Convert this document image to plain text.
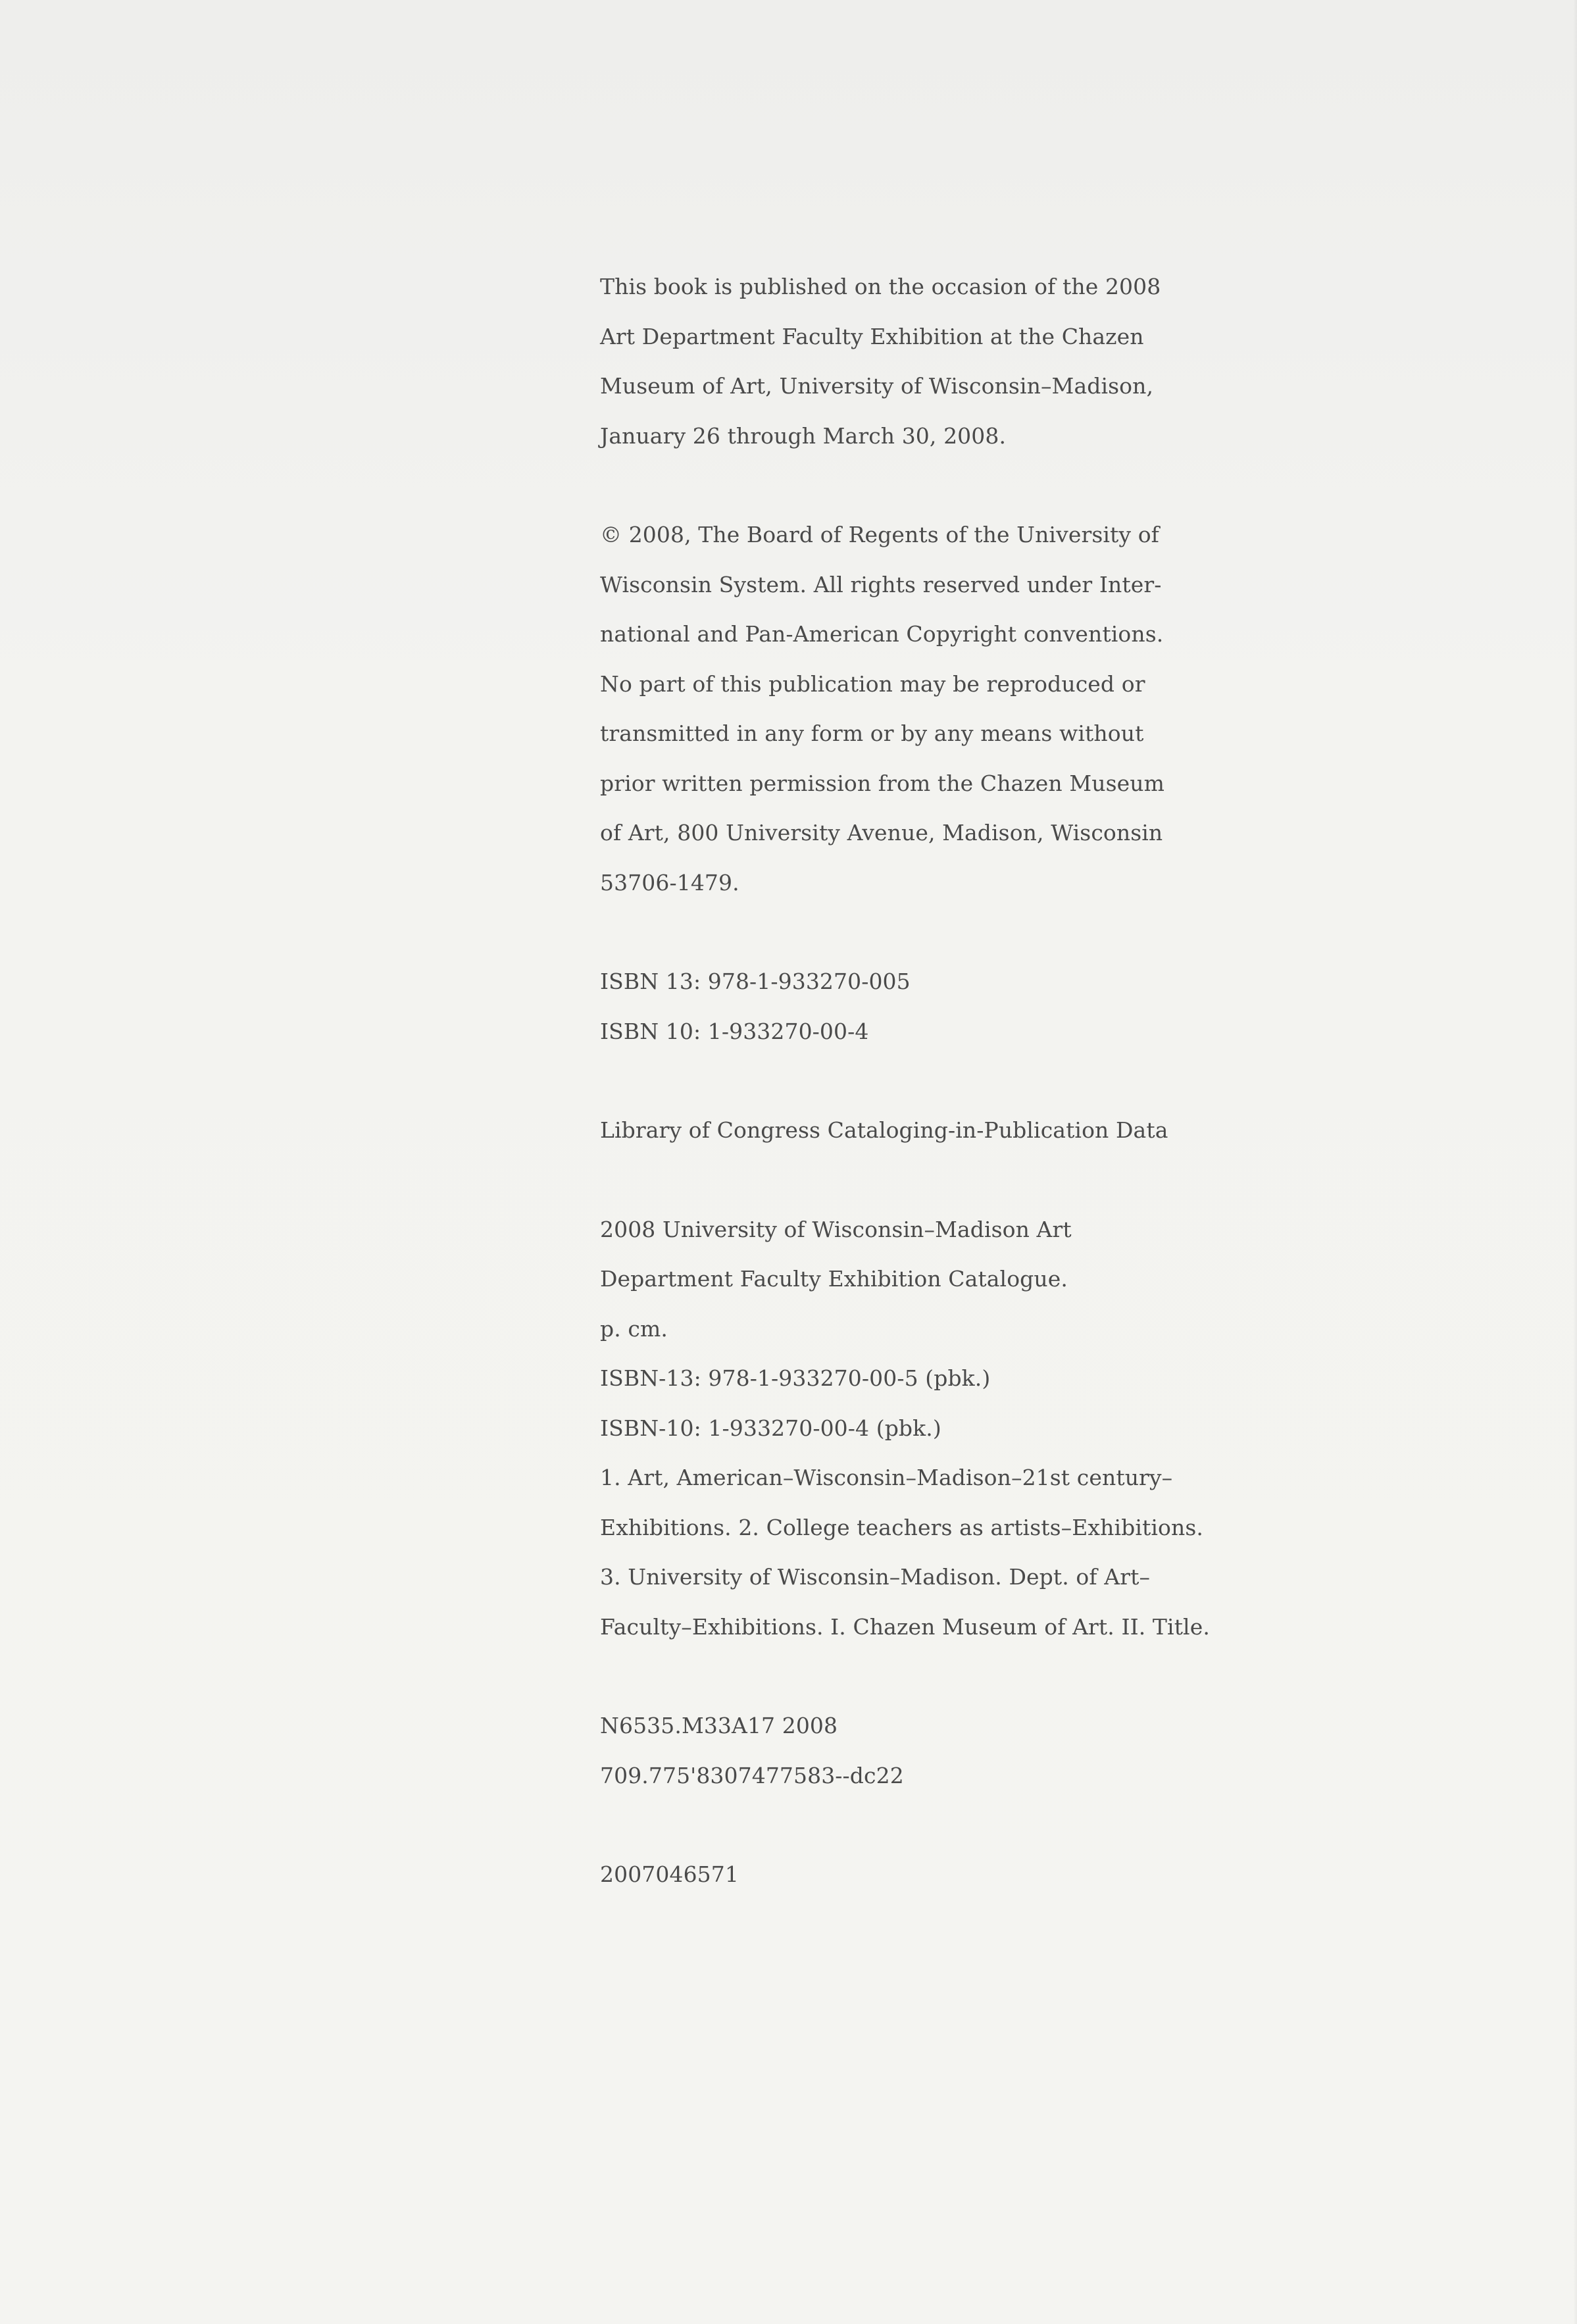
This book is published on the occasion of the 2008
Art Department Faculty Exhibition at the Chazen
Museum of Art, University of Wisconsin–Madison,
January 26 through March 30, 2008.
© 2008, The Board of Regents of the University of
Wisconsin System. All rights reserved under Inter-
national and Pan-American Copyright conventions.
No part of this publication may be reproduced or
transmitted in any form or by any means without
prior written permission from the Chazen Museum
of Art, 800 University Avenue, Madison, Wisconsin
53706-1479.
ISBN 13: 978-1-933270-005
ISBN 10: 1-933270-00-4
Library of Congress Cataloging-in-Publication Data
2008 University of Wisconsin–Madison Art
Department Faculty Exhibition Catalogue.
p. cm.
ISBN-13: 978-1-933270-00-5 (pbk.)
ISBN-10: 1-933270-00-4 (pbk.)
1. Art, American–Wisconsin–Madison–21st century–
Exhibitions. 2. College teachers as artists–Exhibitions.
3. University of Wisconsin–Madison. Dept. of Art–
Faculty–Exhibitions. I. Chazen Museum of Art. II. Title.
N6535.M33A17 2008
709.775'8307477583--dc22
2007046571
